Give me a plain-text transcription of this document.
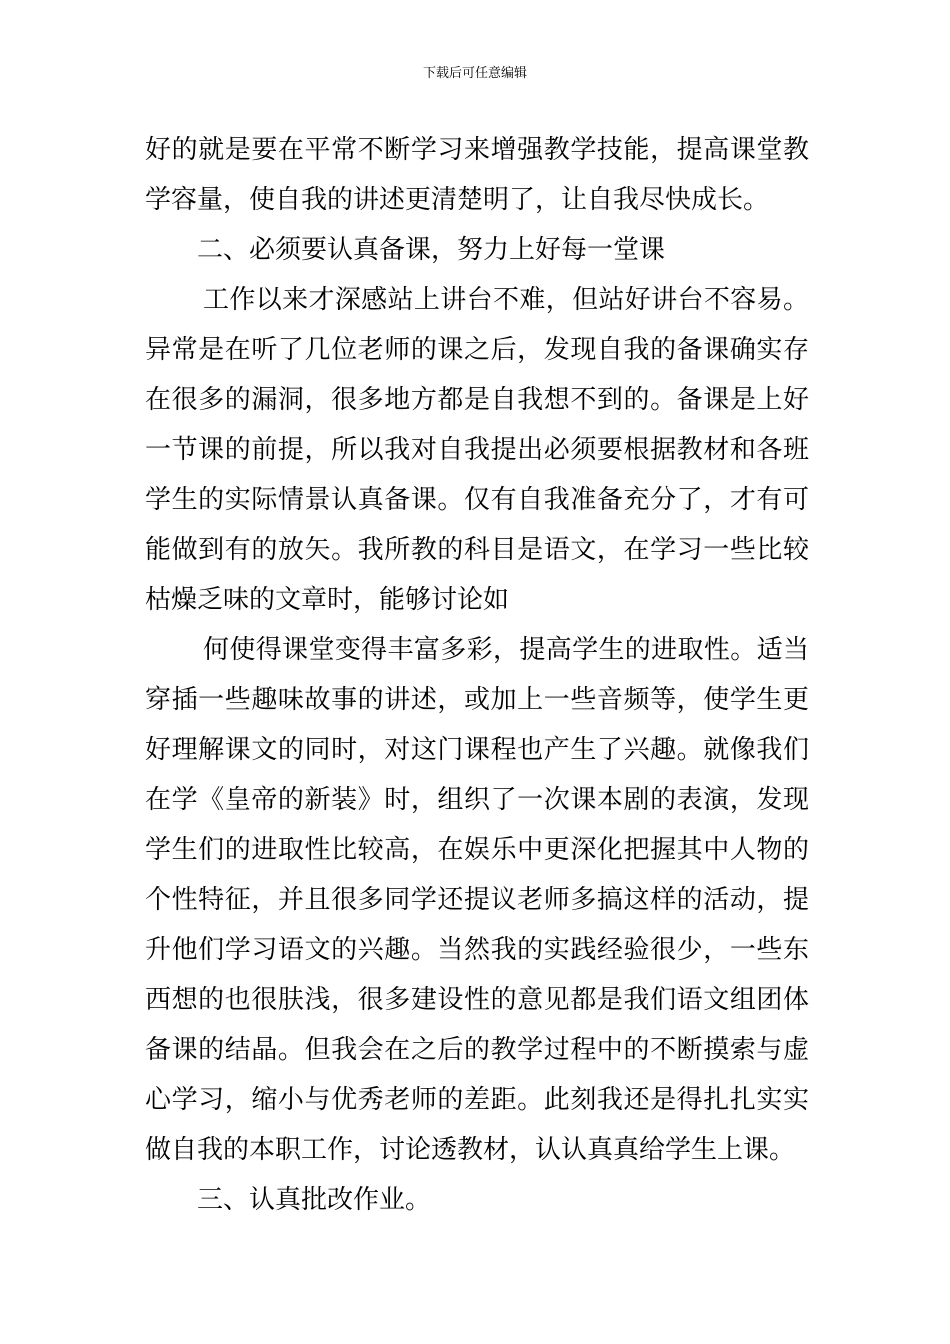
下载后可任意编辑

好的就是要在平常不断学习来增强教学技能，提高课堂教学容量，使自我的讲述更清楚明了，让自我尽快成长。

二、必须要认真备课，努力上好每一堂课

工作以来才深感站上讲台不难，但站好讲台不容易。异常是在听了几位老师的课之后，发现自我的备课确实存在很多的漏洞，很多地方都是自我想不到的。备课是上好一节课的前提，所以我对自我提出必须要根据教材和各班学生的实际情景认真备课。仅有自我准备充分了，才有可能做到有的放矢。我所教的科目是语文，在学习一些比较枯燥乏味的文章时，能够讨论如

何使得课堂变得丰富多彩，提高学生的进取性。适当穿插一些趣味故事的讲述，或加上一些音频等，使学生更好理解课文的同时，对这门课程也产生了兴趣。就像我们在学《皇帝的新装》时，组织了一次课本剧的表演，发现学生们的进取性比较高，在娱乐中更深化把握其中人物的个性特征，并且很多同学还提议老师多搞这样的活动，提升他们学习语文的兴趣。当然我的实践经验很少，一些东西想的也很肤浅，很多建设性的意见都是我们语文组团体备课的结晶。但我会在之后的教学过程中的不断摸索与虚心学习，缩小与优秀老师的差距。此刻我还是得扎扎实实做自我的本职工作，讨论透教材，认认真真给学生上课。

三、认真批改作业。
